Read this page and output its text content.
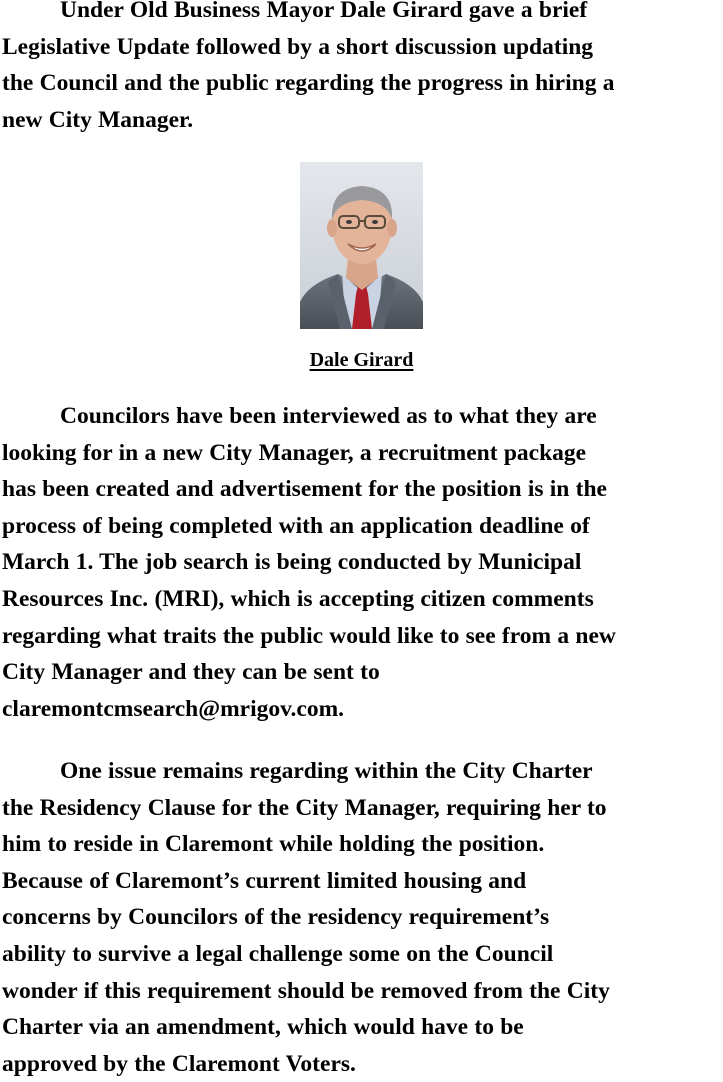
Under Old Business Mayor Dale Girard gave a brief
Legislative Update followed by a short discussion updating
the Council and the public regarding the progress in hiring a
new City Manager.

Dale Girard

Councilors have been interviewed as to what they are
looking for in a new City Manager, a recruitment package
has been created and advertisement for the position is in the
process of being completed with an application deadline of
March 1. The job search is being conducted by Municipal
Resources Inc. (MRI), which is accepting citizen comments
regarding what traits the public would like to see from a new
City Manager and they can be sent to
claremontcmsearch@mrigov.com.

One issue remains regarding within the City Charter
the Residency Clause for the City Manager, requiring her to
him to reside in Claremont while holding the position.
Because of Claremont’s current limited housing and
concerns by Councilors of the residency requirement’s
ability to survive a legal challenge some on the Council
wonder if this requirement should be removed from the City
Charter via an amendment, which would have to be
approved by the Claremont Voters.
